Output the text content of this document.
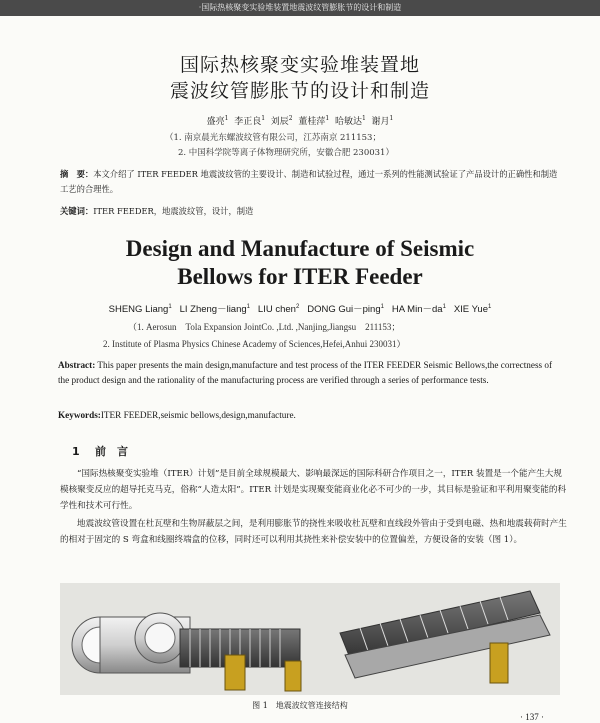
·国际热核聚变实验堆装置地震波纹管膨胀节的设计和制造
国际热核聚变实验堆装置地
震波纹管膨胀节的设计和制造
盛亮$^1$ 李正良$^1$ 刘辰$^2$ 董桂萍$^1$ 哈敏达$^1$ 谢月$^1$
（1. 南京晨光东螺波纹管有限公司，江苏南京 211153；
2. 中国科学院等离子体物理研究所，安徽合肥 230031）
摘　要：本文介绍了 ITER FEEDER 地震波纹管的主要设计、制造和试验过程，通过一系列的性能测试验证了产品设计的正确性和制造工艺的合理性。
关键词：ITER FEEDER，地震波纹管，设计，制造
Design and Manufacture of Seismic
Bellows for ITER Feeder
SHENG Liang$^1$ LI Zheng－liang$^1$ LIU chen$^2$ DONG Gui－ping$^1$ HA $Min-da^1$ XIE Yue$^1$
（1. Aerosun　Tola Expansion JointCo. ,Ltd. ,Nanjing,Jiangsu　211153；
2. Institute of Plasma Physics Chinese Academy of Sciences,Hefei,Anhui 230031）
Abstract: This paper presents the main design,manufacture and test process of the ITER FEEDER Seismic Bellows,the correctness of the product design and the rationality of the manufacturing process are verified through a series of performance tests.
Keywords:ITER FEEDER,seismic bellows,design,manufacture.
1 前　言
“国际热核聚变实验堆（ITER）计划”是目前全球规模最大、影响最深远的国际科研合作项目之一，ITER 装置是一个能产生大规模核聚变反应的超导托克马克，俗称“人造太阳”。ITER 计划是实现聚变能商业化必不可少的一步，其目标是验证和平利用聚变能的科学性和技术可行性。
地震波纹管设置在杜瓦壁和生物屏蔽层之间，是利用膨胀节的挠性来吸收杜瓦壁和直线段外管由于受到电磁、热和地震载荷时产生的相对于固定的 S 弯盒和线圈终端盒的位移，同时还可以利用其挠性来补偿安装中的位置偏差，方便设备的安装（图 1）。
图 1　地震波纹管连接结构
· 137 ·
